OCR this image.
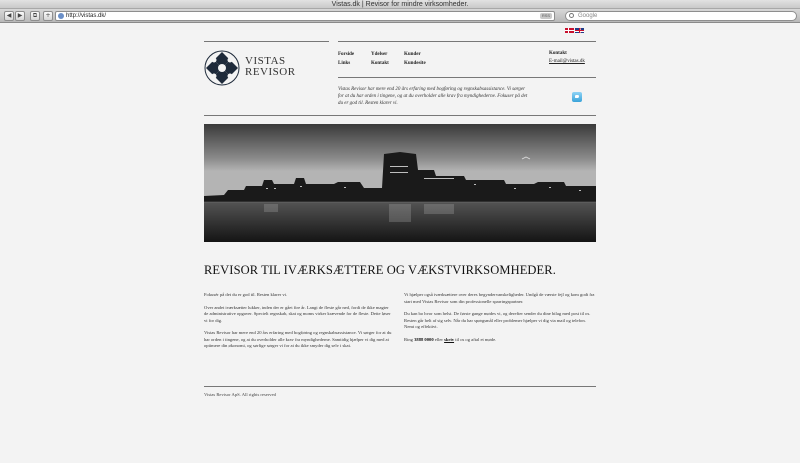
Vistas.dk | Revisor for mindre virksomheder.
◀	▶	⧉	+	http://vistas.dk/	RSS	Google
VISTAS
REVISOR
Forside
Links
Ydelser
Kontakt
Kunder
Kundesite
Kontakt
E-mail@vistas.dk
Vistas Revisor har mere end 20 års erfaring med bogføring og regnskabsassistance. Vi sørger for at du har orden i tingene, og at du overholder alle krav fra myndighederne. Fokuser på det du er god til. Resten klarer vi.
REVISOR TIL IVÆRKSÆTTERE OG VÆKSTVIRKSOMHEDER.

Fokusér på det du er god til. Resten klarer vi.

Over andet iværksætter lukker, inden der er gået fire år. Langt de fleste går ned, fordi de ikke magter de administrative opgaver. Specielt regnskab, skat og moms virker krævende for de fleste. Dette løser vi for dig.

Vistas Revisor har mere end 20 års erfaring med bogføring og regnskabsassistance. Vi sørger for at du har orden i tingene, og at du overholder alle krav fra myndighederne. Samtidig hjælper vi dig med at optimere din økonomi, og sørfige sørger vi for at du ikke smyder dig selv i skat.

Vi hjælper også iværksættere over deres begyndervanskeligheder. Undgå de værste fejl og kom godt fra start med Vistas Revisor som din professionelle sparringspartner.

Du kan bo hvor som helst. De første gange mødes vi, og derefter sender du dine bilag med post til os. Resten går helt af sig selv. Når du har spørgsmål eller problemer hjælper vi dig via mail og telefon. Nemt og effektivt.

Ring 3888 0000 eller skriv til os og aftal et møde.

Vistas Revisor ApS. All rights reserved
